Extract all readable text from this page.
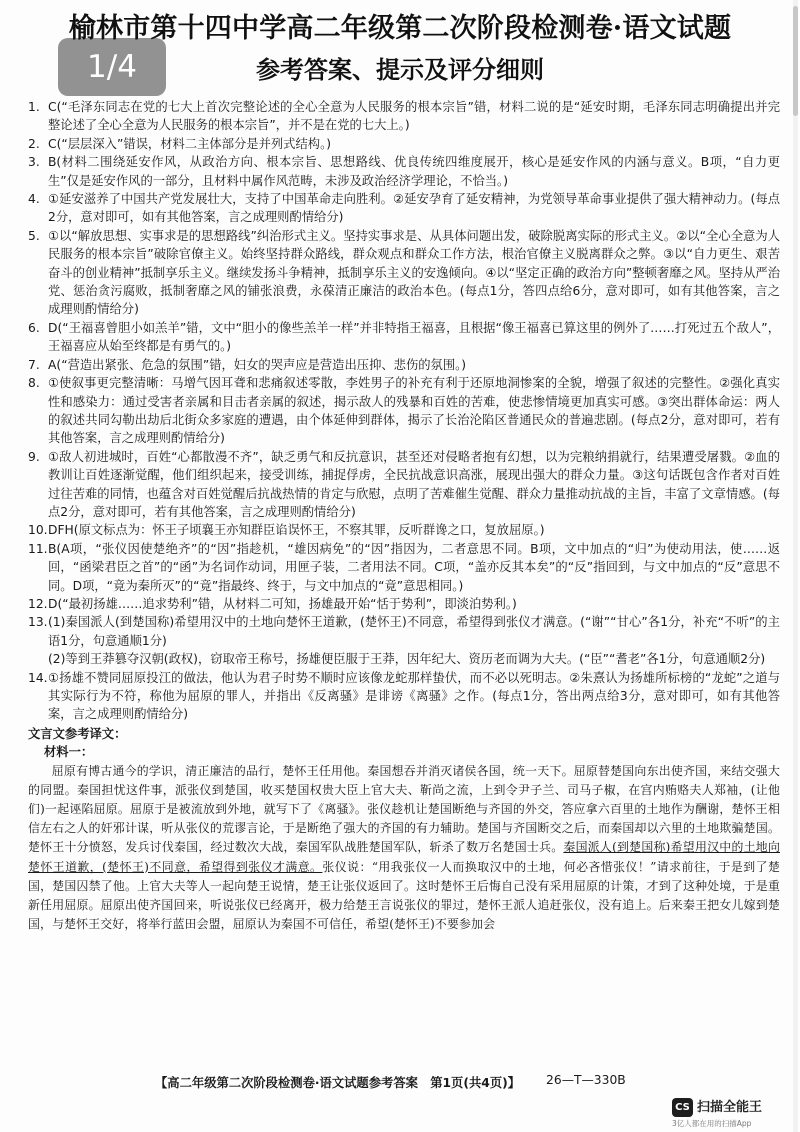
1/4
榆林市第十四中学高二年级第二次阶段检测卷·语文试题
参考答案、提示及评分细则
1. C(“毛泽东同志在党的七大上首次完整论述的全心全意为人民服务的根本宗旨”错，材料二说的是“延安时期，毛泽东同志明确提出并完整论述了全心全意为人民服务的根本宗旨”，并不是在党的七大上。)
2. C(“层层深入”错误，材料二主体部分是并列式结构。)
3. B(材料二围绕延安作风，从政治方向、根本宗旨、思想路线、优良传统四维度展开，核心是延安作风的内涵与意义。B项，“自力更生”仅是延安作风的一部分，且材料中属作风范畴，未涉及政治经济学理论，不恰当。)
4. ①延安滋养了中国共产党发展壮大，支持了中国革命走向胜利。②延安孕育了延安精神，为党领导革命事业提供了强大精神动力。(每点2分，意对即可，如有其他答案，言之成理则酌情给分)
5. ①以“解放思想、实事求是的思想路线”纠治形式主义。坚持实事求是、从具体问题出发，破除脱离实际的形式主义。②以“全心全意为人民服务的根本宗旨”破除官僚主义。始终坚持群众路线，群众观点和群众工作方法，根治官僚主义脱离群众之弊。③以“自力更生、艰苦奋斗的创业精神”抵制享乐主义。继续发扬斗争精神，抵制享乐主义的安逸倾向。④以“坚定正确的政治方向”整顿奢靡之风。坚持从严治党、惩治贪污腐败，抵制奢靡之风的铺张浪费，永葆清正廉洁的政治本色。(每点1分，答四点给6分，意对即可，如有其他答案，言之成理则酌情给分)
6. D(“王福喜曾胆小如羔羊”错，文中“胆小的像些羔羊一样”并非特指王福喜，且根据“像王福喜已算这里的例外了……打死过五个敌人”，王福喜应从始至终都是有勇气的。)
7. A(“营造出紧张、危急的氛围”错，妇女的哭声应是营造出压抑、悲伤的氛围。)
8. ①使叙事更完整清晰：马增气因耳聋和悲痛叙述零散，李姓男子的补充有利于还原地洞惨案的全貌，增强了叙述的完整性。②强化真实性和感染力：通过受害者亲属和目击者亲属的叙述，揭示敌人的残暴和百姓的苦难，使悲惨情境更加真实可感。③突出群体命运：两人的叙述共同勾勒出劫后北街众多家庭的遭遇，由个体延伸到群体，揭示了长治沦陷区普通民众的普遍悲剧。(每点2分，意对即可，若有其他答案，言之成理则酌情给分)
9. ①敌人初进城时，百姓“心都散漫不齐”，缺乏勇气和反抗意识，甚至还对侵略者抱有幻想，以为完粮纳捐就行，结果遭受屠戮。②血的教训让百姓逐渐觉醒，他们组织起来，接受训练，捕捉俘虏，全民抗战意识高涨，展现出强大的群众力量。③这句话既包含作者对百姓过往苦难的同情，也蕴含对百姓觉醒后抗战热情的肯定与欣慰，点明了苦难催生觉醒、群众力量推动抗战的主旨，丰富了文章情感。(每点2分，意对即可，若有其他答案，言之成理则酌情给分)
10. DFH(原文标点为：怀王子顷襄王亦知群臣谄误怀王，不察其罪，反听群谗之口，复放屈原。)
11. B(A项，“张仪因使楚绝齐”的“因”指趁机，“雄因病免”的“因”指因为，二者意思不同。B项，文中加点的“归”为使动用法，使……返回，“函梁君臣之首”的“函”为名词作动词，用匣子装，二者用法不同。C项，“盖亦反其本矣”的“反”指回到，与文中加点的“反”意思不同。D项，“竟为秦所灭”的“竟”指最终、终于，与文中加点的“竟”意思相同。)
12. D(“最初扬雄……追求势利”错，从材料二可知，扬雄最开始“恬于势利”，即淡泊势利。)
13. (1)秦国派人(到楚国称)希望用汉中的土地向楚怀王道歉，(楚怀王)不同意，希望得到张仪才满意。(“谢”“甘心”各1分，补充“不听”的主语1分，句意通顺1分)
(2)等到王莽篡夺汉朝(政权)，窃取帝王称号，扬雄便臣服于王莽，因年纪大、资历老而调为大夫。(“臣”“耆老”各1分，句意通顺2分)
14. ①扬雄不赞同屈原投江的做法，他认为君子时势不顺时应该像龙蛇那样蛰伏，而不必以死明志。②朱熹认为扬雄所标榜的“龙蛇”之道与其实际行为不符，称他为屈原的罪人，并指出《反离骚》是诽谤《离骚》之作。(每点1分，答出两点给3分，意对即可，如有其他答案，言之成理则酌情给分)
文言文参考译文：
材料一：
屈原有博古通今的学识，清正廉洁的品行，楚怀王任用他。秦国想吞并消灭诸侯各国，统一天下。屈原替楚国向东出使齐国，来结交强大的同盟。秦国担忧这件事，派张仪到楚国，收买楚国权贵大臣上官大夫、靳尚之流，上到令尹子兰、司马子椒，在宫内贿赂夫人郑袖，(让他们)一起诬陷屈原。屈原于是被流放到外地，就写下了《离骚》。张仪趁机让楚国断绝与齐国的外交，答应拿六百里的土地作为酬谢，楚怀王相信左右之人的奸邪计谋，听从张仪的荒谬言论，于是断绝了强大的齐国的有力辅助。楚国与齐国断交之后，而秦国却以六里的土地欺骗楚国。楚怀王十分愤怒，发兵讨伐秦国，经过数次大战，秦国军队战胜楚国军队，斩杀了数万名楚国士兵。秦国派人(到楚国称)希望用汉中的土地向楚怀王道歉，(楚怀王)不同意，希望得到张仪才满意。张仪说：“用我张仪一人而换取汉中的土地，何必吝惜张仪！”请求前往，于是到了楚国，楚国囚禁了他。上官大夫等人一起向楚王说情，楚王让张仪返回了。这时楚怀王后悔自己没有采用屈原的计策，才到了这种处境，于是重新任用屈原。屈原出使齐国回来，听说张仪已经离开，极力给楚王言说张仪的罪过，楚怀王派人追赶张仪，没有追上。后来秦王把女儿嫁到楚国，与楚怀王交好，将举行蓝田会盟，屈原认为秦国不可信任，希望(楚怀王)不要参加会
【高二年级第二次阶段检测卷·语文试题参考答案　第1页(共4页)】 26—T—330B
CS 扫描全能王
3亿人都在用的扫描App
